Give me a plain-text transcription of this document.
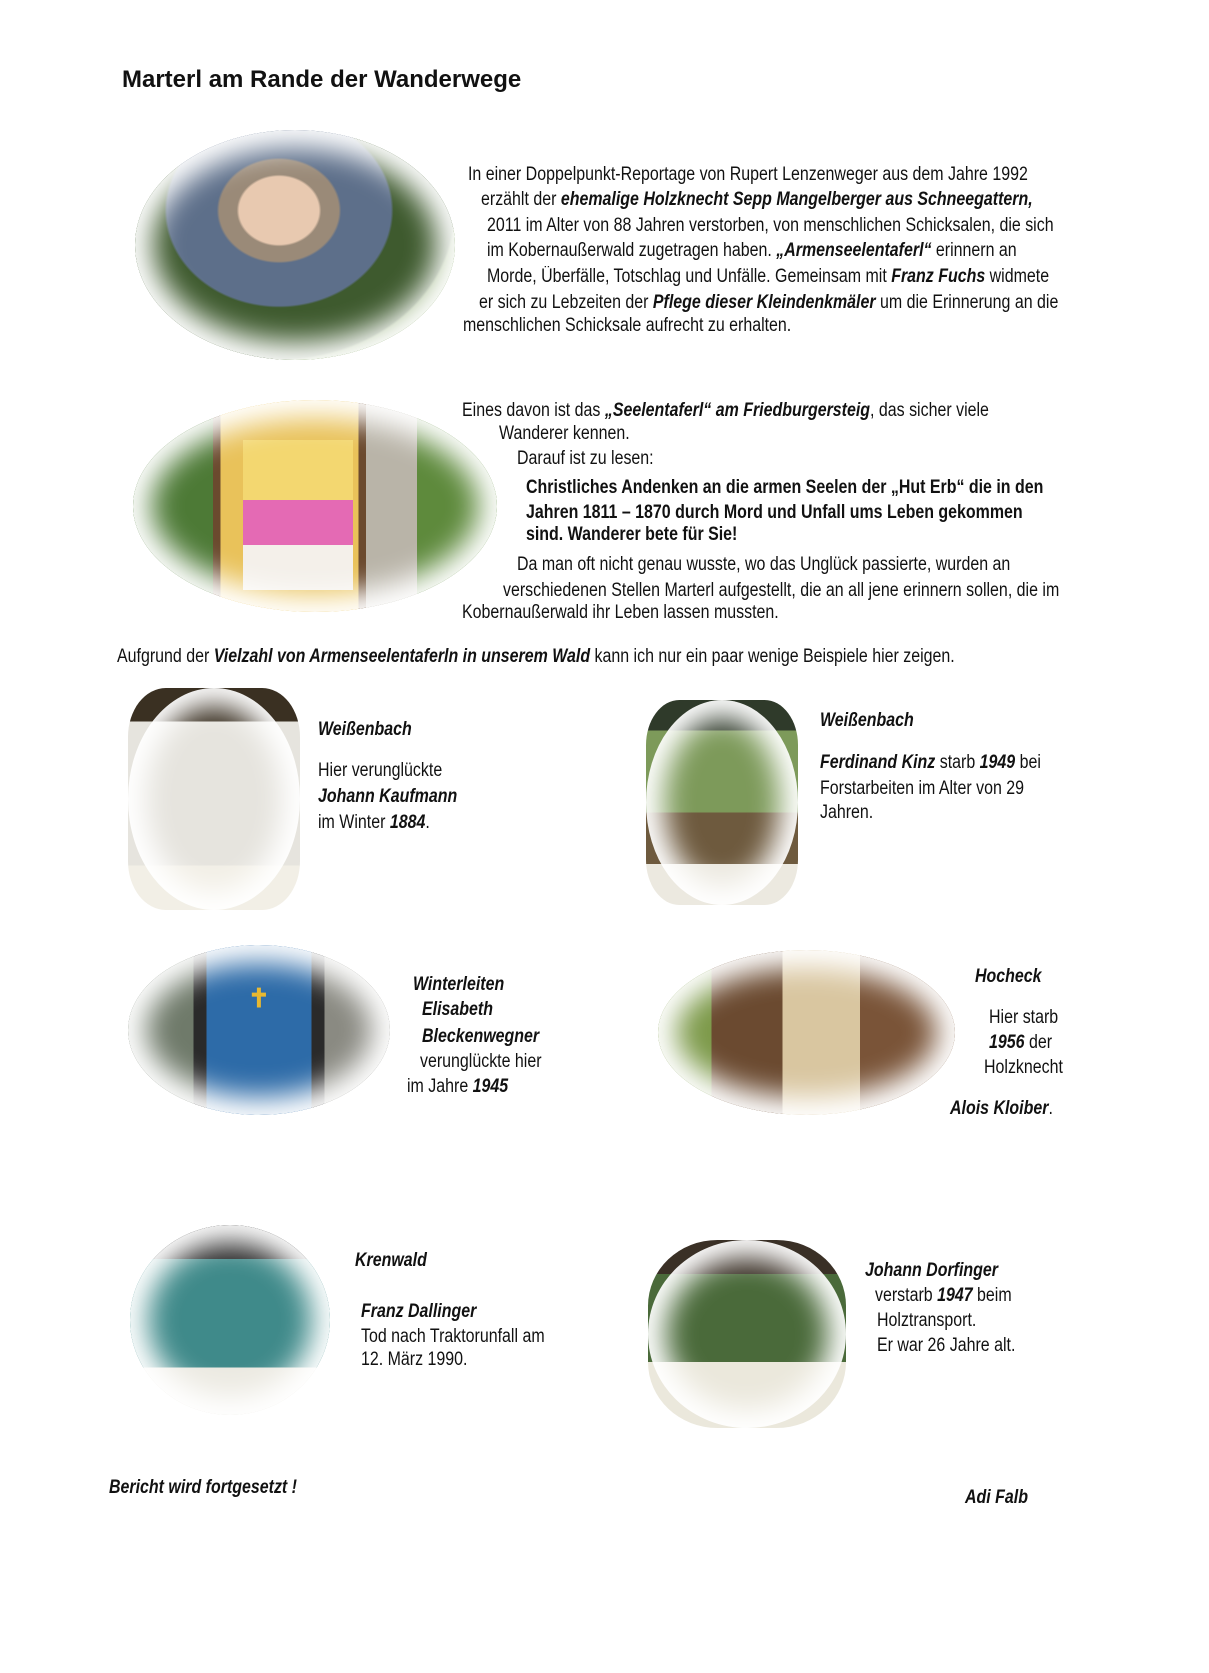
Marterl am Rande der Wanderwege
✝
In einer Doppelpunkt-Reportage von Rupert Lenzenweger aus dem Jahre 1992
erzählt der ehemalige Holzknecht Sepp Mangelberger aus Schneegattern,
2011 im Alter von 88 Jahren verstorben, von menschlichen Schicksalen, die sich
im Kobernaußerwald zugetragen haben. „Armenseelentaferl“ erinnern an
Morde, Überfälle, Totschlag und Unfälle. Gemeinsam mit Franz Fuchs widmete
er sich zu Lebzeiten der Pflege dieser Kleindenkmäler um die Erinnerung an die
menschlichen Schicksale aufrecht zu erhalten.
Eines davon ist das „Seelentaferl“ am Friedburgersteig, das sicher viele
Wanderer kennen.
Darauf ist zu lesen:
Christliches Andenken an die armen Seelen der „Hut Erb“ die in den
Jahren 1811 – 1870 durch Mord und Unfall ums Leben gekommen
sind. Wanderer bete für Sie!
Da man oft nicht genau wusste, wo das Unglück passierte, wurden an
verschiedenen Stellen Marterl aufgestellt, die an all jene erinnern sollen, die im
Kobernaußerwald ihr Leben lassen mussten.
Aufgrund der Vielzahl von Armenseelentaferln in unserem Wald kann ich nur ein paar wenige Beispiele hier zeigen.
Weißenbach
Hier verunglückte
Johann Kaufmann
im Winter 1884.
Weißenbach
Ferdinand Kinz starb 1949 bei
Forstarbeiten im Alter von 29
Jahren.
Winterleiten
Elisabeth
Bleckenwegner
verunglückte hier
im Jahre 1945
Hocheck
Hier starb
1956 der
Holzknecht
Alois Kloiber.
Krenwald
Franz Dallinger
Tod nach Traktorunfall am
12. März 1990.
Johann Dorfinger
verstarb 1947 beim
Holztransport.
Er war 26 Jahre alt.
Bericht wird fortgesetzt !	Adi Falb
